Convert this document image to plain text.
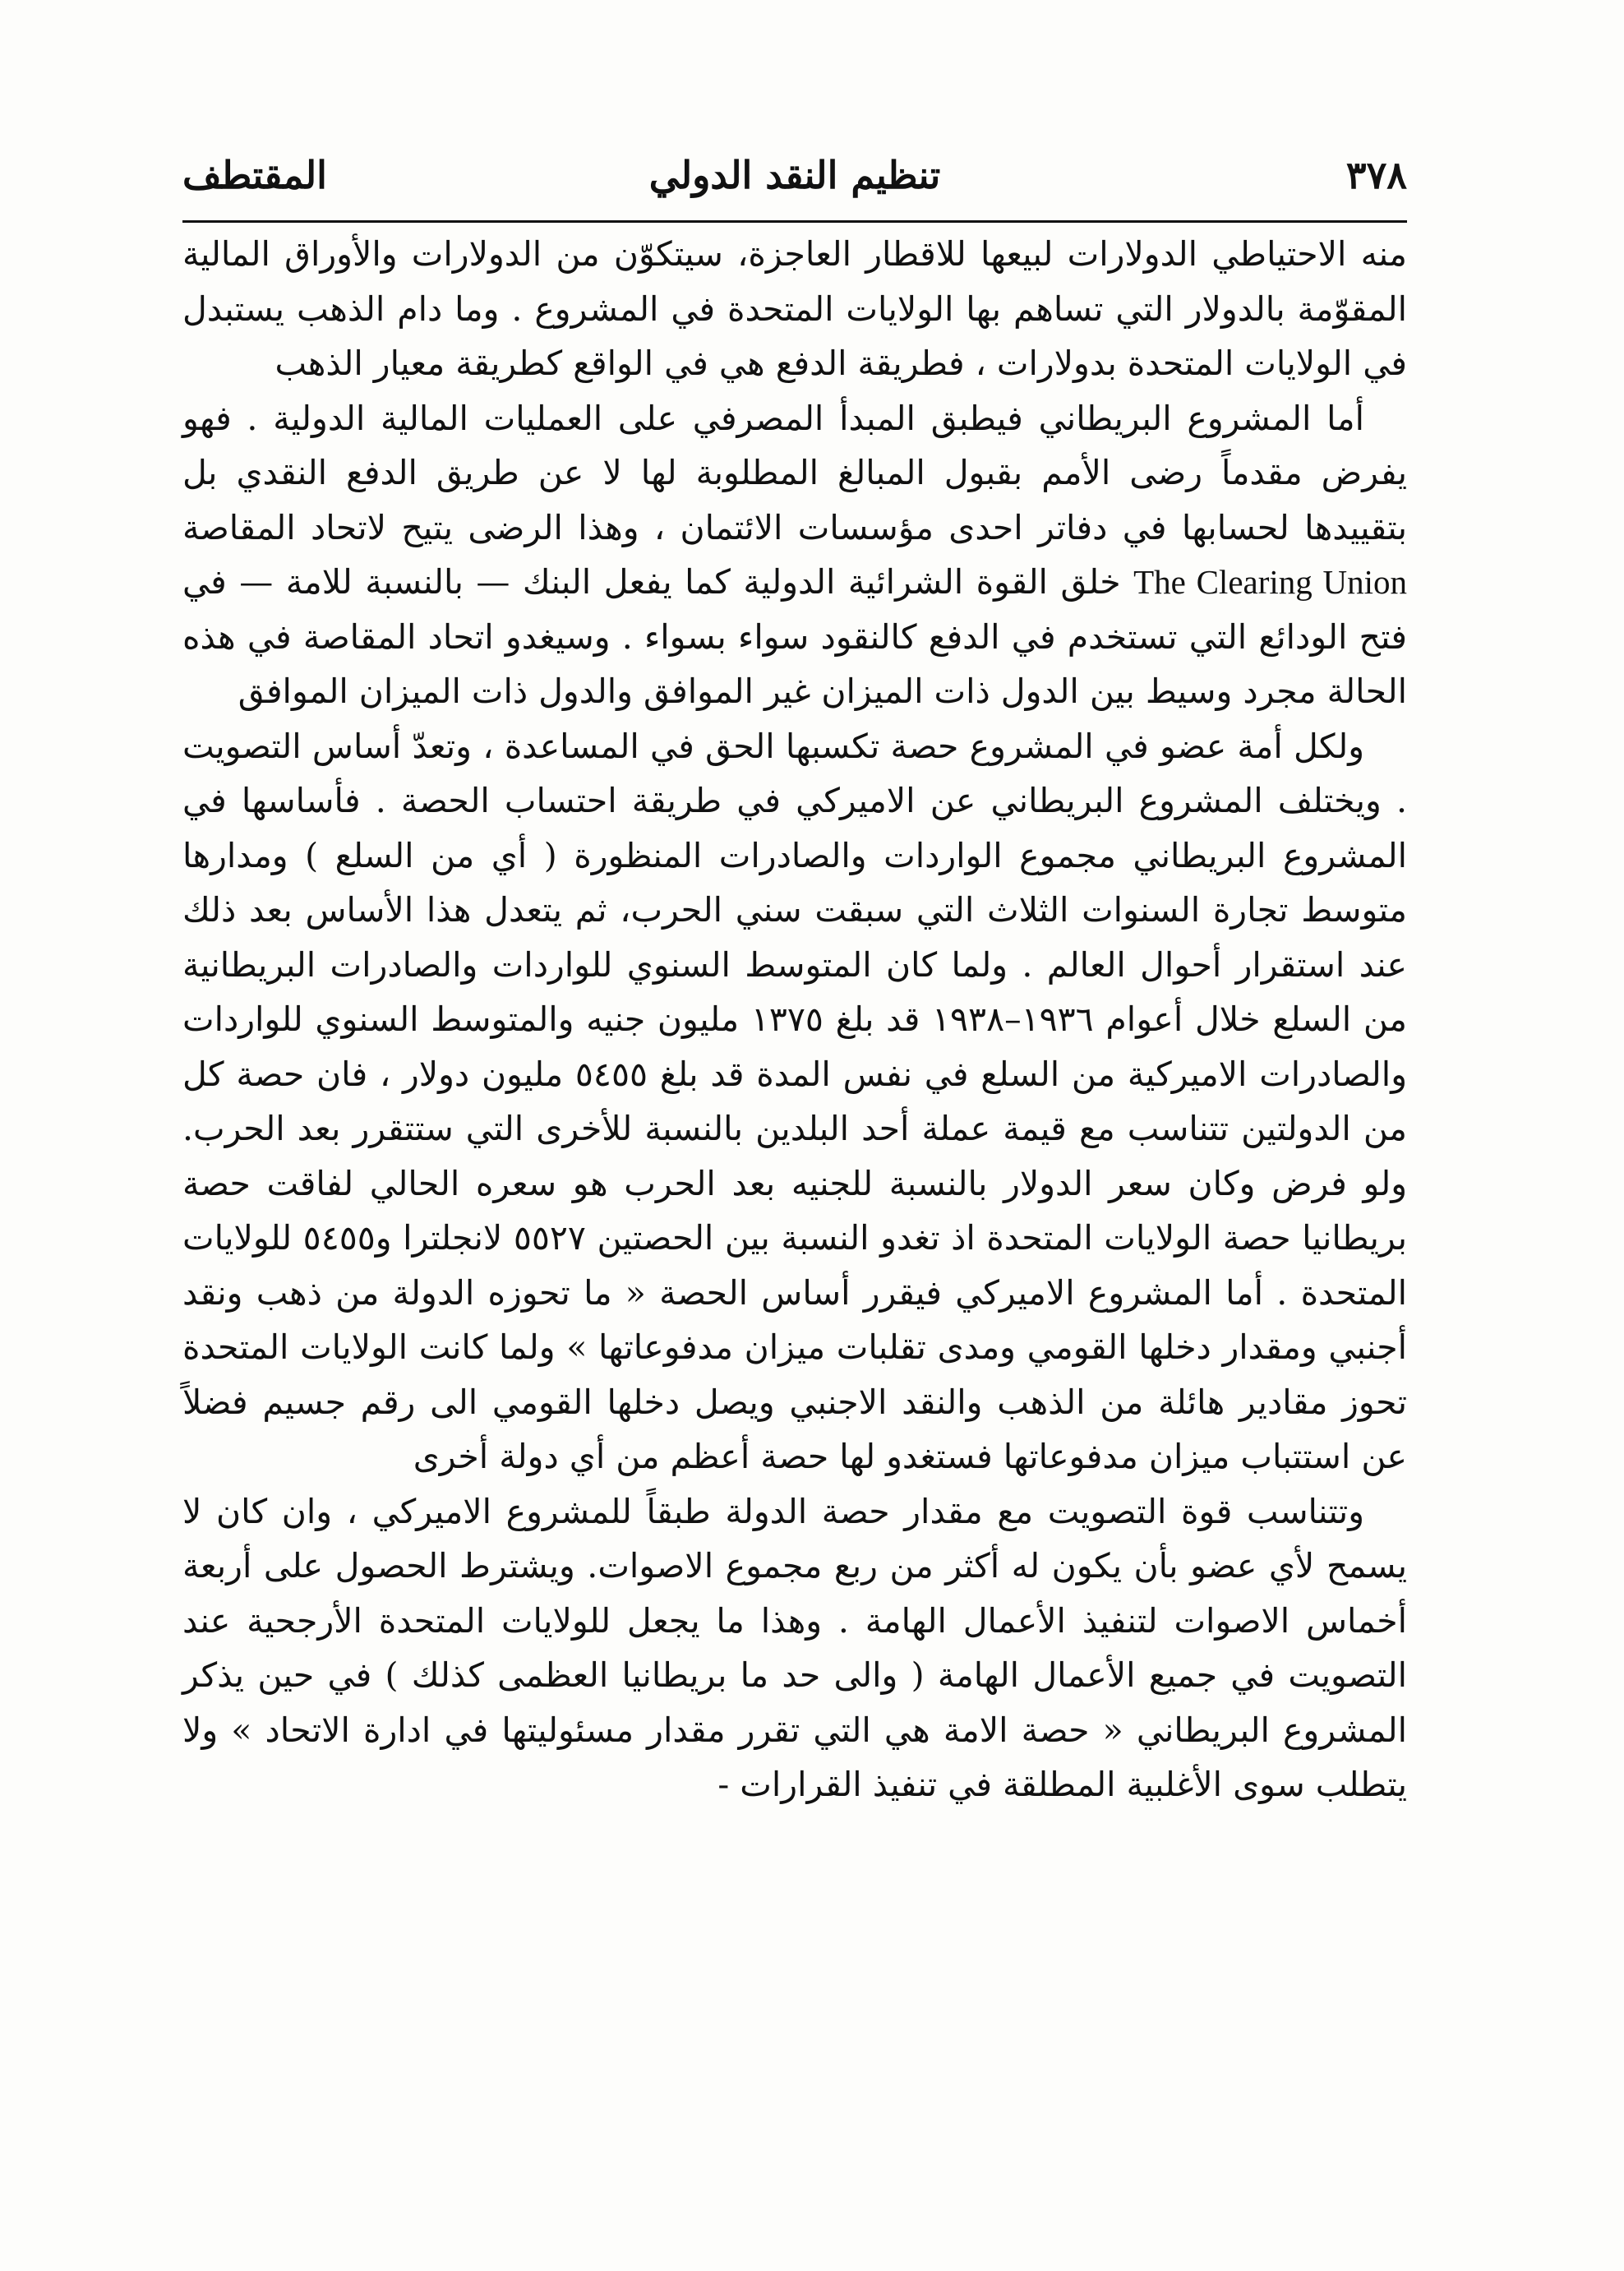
٣٧٨
تنظيم النقد الدولي
المقتطف

منه الاحتياطي الدولارات لبيعها للاقطار العاجزة، سيتكوّن من الدولارات والأوراق المالية المقوّمة بالدولار التي تساهم بها الولايات المتحدة في المشروع . وما دام الذهب يستبدل في الولايات المتحدة بدولارات ، فطريقة الدفع هي في الواقع كطريقة معيار الذهب

أما المشروع البريطاني فيطبق المبدأ المصرفي على العمليات المالية الدولية . فهو يفرض مقدماً رضى الأمم بقبول المبالغ المطلوبة لها لا عن طريق الدفع النقدي بل بتقييدها لحسابها في دفاتر احدى مؤسسات الائتمان ، وهذا الرضى يتيح لاتحاد المقاصة The Clearing Union خلق القوة الشرائية الدولية كما يفعل البنك — بالنسبة للامة — في فتح الودائع التي تستخدم في الدفع كالنقود سواء بسواء . وسيغدو اتحاد المقاصة في هذه الحالة مجرد وسيط بين الدول ذات الميزان غير الموافق والدول ذات الميزان الموافق

ولكل أمة عضو في المشروع حصة تكسبها الحق في المساعدة ، وتعدّ أساس التصويت . ويختلف المشروع البريطاني عن الاميركي في طريقة احتساب الحصة . فأساسها في المشروع البريطاني مجموع الواردات والصادرات المنظورة ( أي من السلع ) ومدارها متوسط تجارة السنوات الثلاث التي سبقت سني الحرب، ثم يتعدل هذا الأساس بعد ذلك عند استقرار أحوال العالم . ولما كان المتوسط السنوي للواردات والصادرات البريطانية من السلع خلال أعوام ١٩٣٦–١٩٣٨ قد بلغ ١٣٧٥ مليون جنيه والمتوسط السنوي للواردات والصادرات الاميركية من السلع في نفس المدة قد بلغ ٥٤٥٥ مليون دولار ، فان حصة كل من الدولتين تتناسب مع قيمة عملة أحد البلدين بالنسبة للأخرى التي ستتقرر بعد الحرب. ولو فرض وكان سعر الدولار بالنسبة للجنيه بعد الحرب هو سعره الحالي لفاقت حصة بريطانيا حصة الولايات المتحدة اذ تغدو النسبة بين الحصتين ٥٥٢٧ لانجلترا و٥٤٥٥ للولايات المتحدة . أما المشروع الاميركي فيقرر أساس الحصة « ما تحوزه الدولة من ذهب ونقد أجنبي ومقدار دخلها القومي ومدى تقلبات ميزان مدفوعاتها » ولما كانت الولايات المتحدة تحوز مقادير هائلة من الذهب والنقد الاجنبي ويصل دخلها القومي الى رقم جسيم فضلاً عن استتباب ميزان مدفوعاتها فستغدو لها حصة أعظم من أي دولة أخرى

وتتناسب قوة التصويت مع مقدار حصة الدولة طبقاً للمشروع الاميركي ، وان كان لا يسمح لأي عضو بأن يكون له أكثر من ربع مجموع الاصوات. ويشترط الحصول على أربعة أخماس الاصوات لتنفيذ الأعمال الهامة . وهذا ما يجعل للولايات المتحدة الأرجحية عند التصويت في جميع الأعمال الهامة ( والى حد ما بريطانيا العظمى كذلك ) في حين يذكر المشروع البريطاني « حصة الامة هي التي تقرر مقدار مسئوليتها في ادارة الاتحاد » ولا يتطلب سوى الأغلبية المطلقة في تنفيذ القرارات -
